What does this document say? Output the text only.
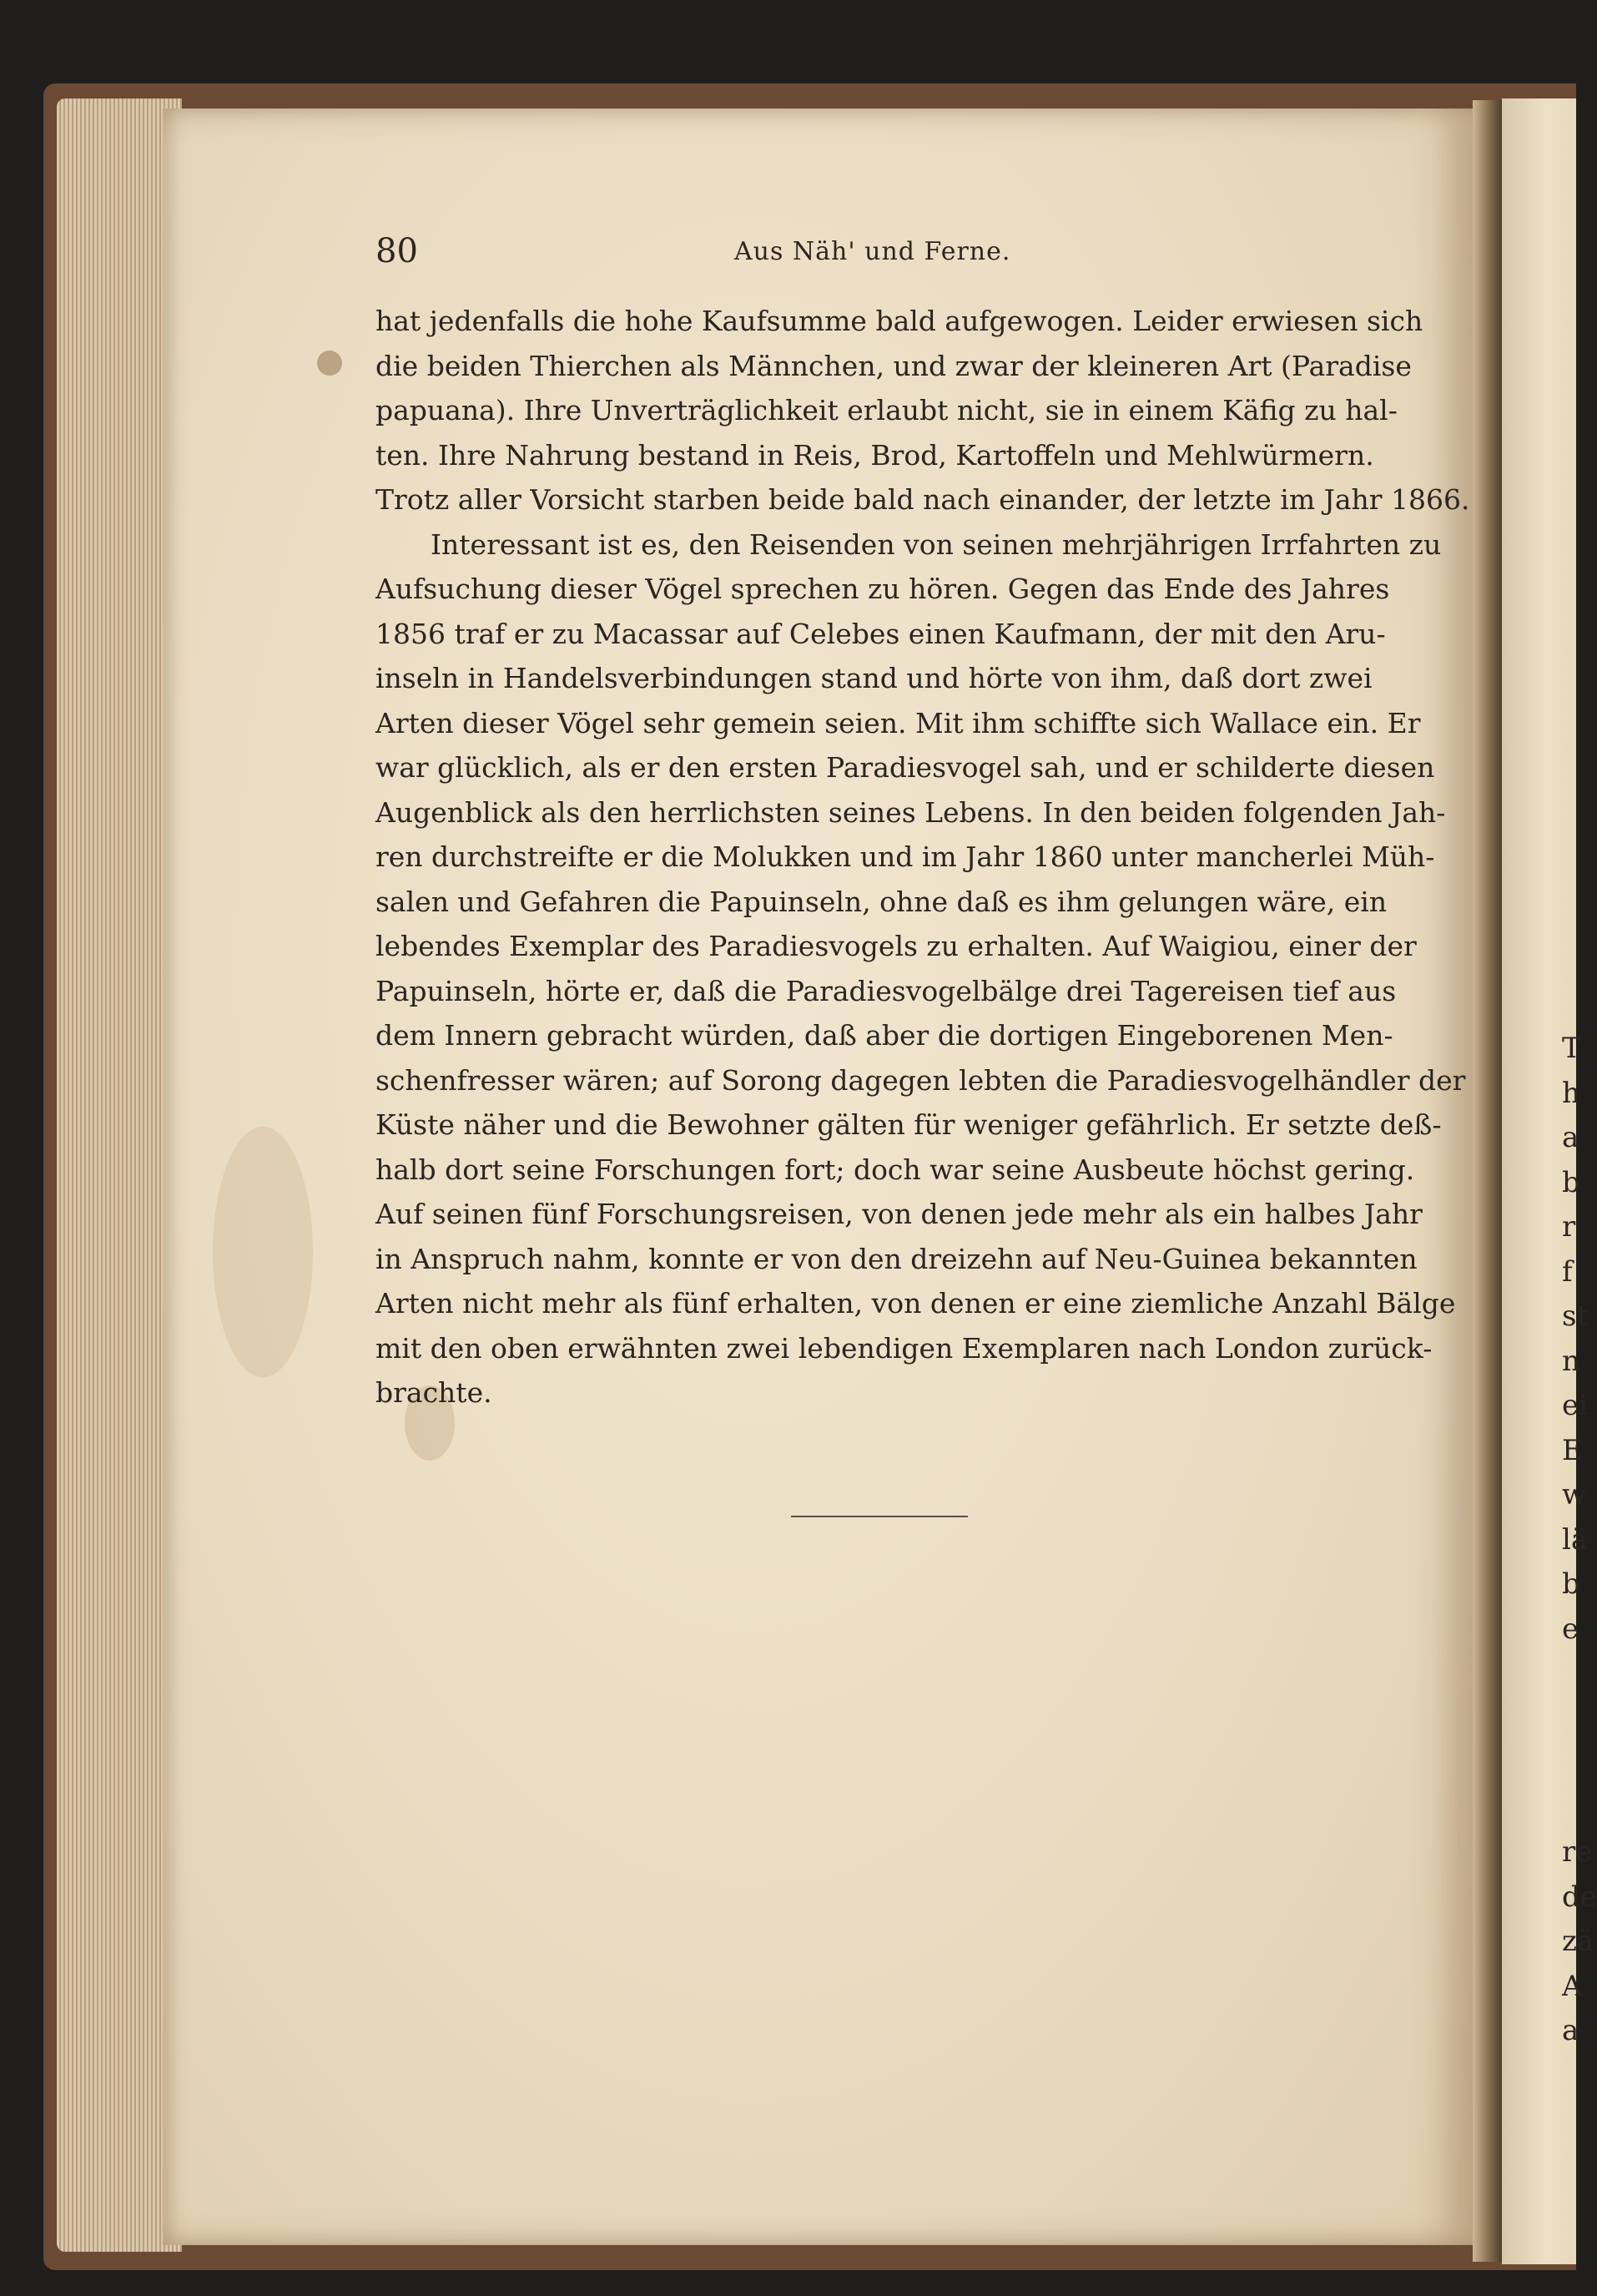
T
h
a
b
r
f
st
n
ei
E
w
lä
b
e

re
de
zä
A
a
80	Aus Näh' und Ferne.
hat jedenfalls die hohe Kaufsumme bald aufgewogen. Leider erwiesen sich
die beiden Thierchen als Männchen, und zwar der kleineren Art (Paradise
papuana). Ihre Unverträglichkeit erlaubt nicht, sie in einem Käfig zu hal-
ten. Ihre Nahrung bestand in Reis, Brod, Kartoffeln und Mehlwürmern.
Trotz aller Vorsicht starben beide bald nach einander, der letzte im Jahr 1866.
Interessant ist es, den Reisenden von seinen mehrjährigen Irrfahrten zu
Aufsuchung dieser Vögel sprechen zu hören. Gegen das Ende des Jahres
1856 traf er zu Macassar auf Celebes einen Kaufmann, der mit den Aru-
inseln in Handelsverbindungen stand und hörte von ihm, daß dort zwei
Arten dieser Vögel sehr gemein seien. Mit ihm schiffte sich Wallace ein. Er
war glücklich, als er den ersten Paradiesvogel sah, und er schilderte diesen
Augenblick als den herrlichsten seines Lebens. In den beiden folgenden Jah-
ren durchstreifte er die Molukken und im Jahr 1860 unter mancherlei Müh-
salen und Gefahren die Papuinseln, ohne daß es ihm gelungen wäre, ein
lebendes Exemplar des Paradiesvogels zu erhalten. Auf Waigiou, einer der
Papuinseln, hörte er, daß die Paradiesvogelbälge drei Tagereisen tief aus
dem Innern gebracht würden, daß aber die dortigen Eingeborenen Men-
schenfresser wären; auf Sorong dagegen lebten die Paradiesvogelhändler der
Küste näher und die Bewohner gälten für weniger gefährlich. Er setzte deß-
halb dort seine Forschungen fort; doch war seine Ausbeute höchst gering.
Auf seinen fünf Forschungsreisen, von denen jede mehr als ein halbes Jahr
in Anspruch nahm, konnte er von den dreizehn auf Neu-Guinea bekannten
Arten nicht mehr als fünf erhalten, von denen er eine ziemliche Anzahl Bälge
mit den oben erwähnten zwei lebendigen Exemplaren nach London zurück-
brachte.
